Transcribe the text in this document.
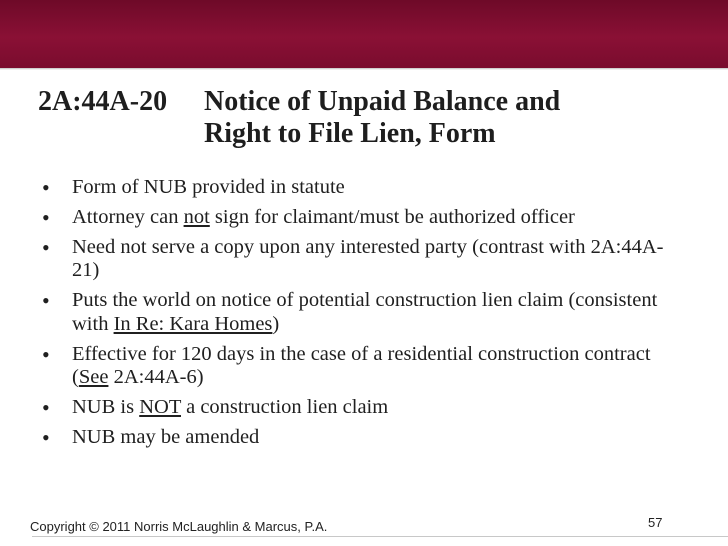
2A:44A-20 Notice of Unpaid Balance and
Right to File Lien, Form
• Form of NUB provided in statute
• Attorney can not sign for claimant/must be authorized officer
• Need not serve a copy upon any interested party (contrast with 2A:44A-21)
• Puts the world on notice of potential construction lien claim (consistent with In Re: Kara Homes)
• Effective for 120 days in the case of a residential construction contract (See 2A:44A-6)
• NUB is NOT a construction lien claim
• NUB may be amended
Copyright © 2011 Norris McLaughlin & Marcus, P.A.	57
